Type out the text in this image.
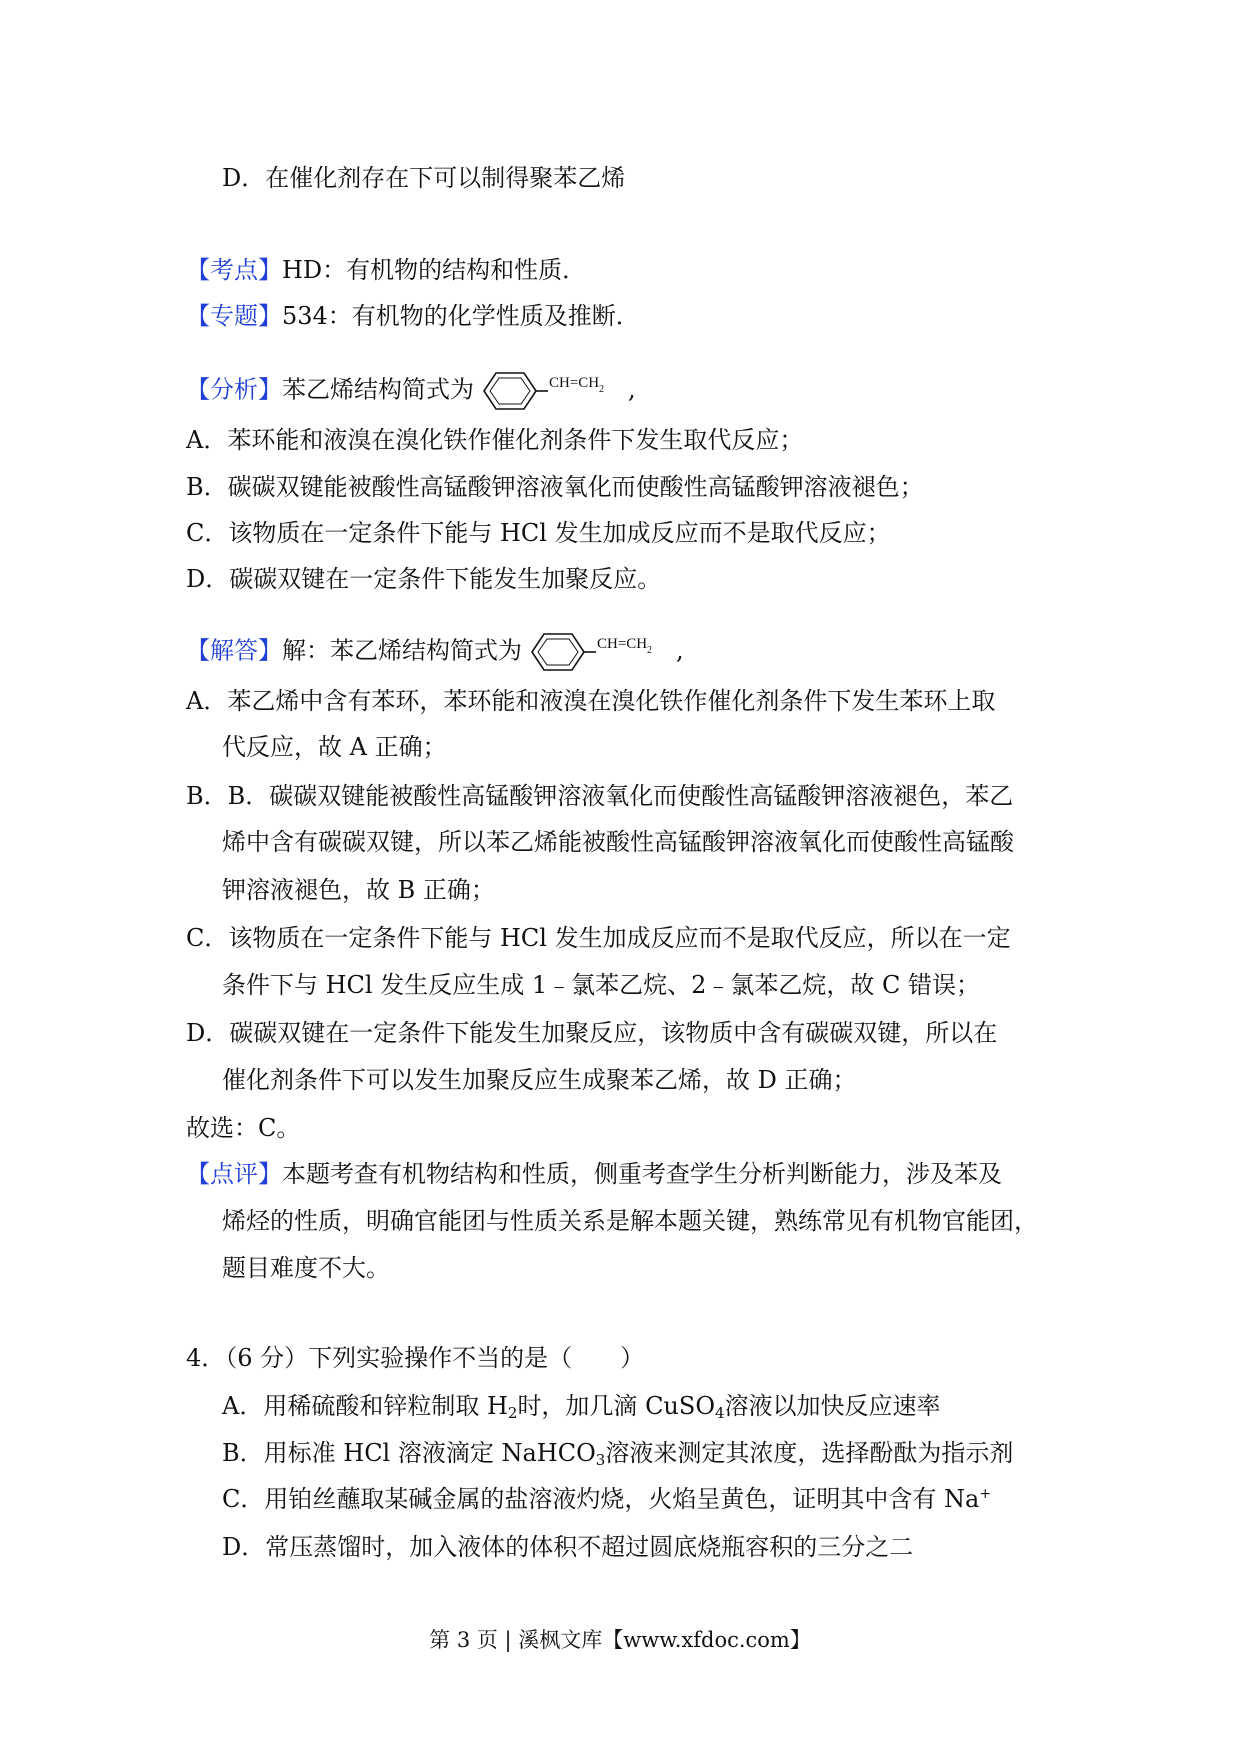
D．在催化剂存在下可以制得聚苯乙烯
【考点】HD：有机物的结构和性质．
【专题】534：有机物的化学性质及推断．
【分析】苯乙烯结构简式为	CH=CH 2 ,
A．苯环能和液溴在溴化铁作催化剂条件下发生取代反应；
B．碳碳双键能被酸性高锰酸钾溶液氧化而使酸性高锰酸钾溶液褪色；
C．该物质在一定条件下能与 HCl 发生加成反应而不是取代反应；
D．碳碳双键在一定条件下能发生加聚反应。
【解答】解：苯乙烯结构简式为	CH=CH 2 ,
A．苯乙烯中含有苯环，苯环能和液溴在溴化铁作催化剂条件下发生苯环上取
代反应，故 A 正确；
B．B．碳碳双键能被酸性高锰酸钾溶液氧化而使酸性高锰酸钾溶液褪色，苯乙
烯中含有碳碳双键，所以苯乙烯能被酸性高锰酸钾溶液氧化而使酸性高锰酸
钾溶液褪色，故 B 正确；
C．该物质在一定条件下能与 HCl 发生加成反应而不是取代反应，所以在一定
条件下与 HCl 发生反应生成 1﹣氯苯乙烷、2﹣氯苯乙烷，故 C 错误；
D．碳碳双键在一定条件下能发生加聚反应，该物质中含有碳碳双键，所以在
催化剂条件下可以发生加聚反应生成聚苯乙烯，故 D 正确；
故选：C。
【点评】本题考查有机物结构和性质，侧重考查学生分析判断能力，涉及苯及
烯烃的性质，明确官能团与性质关系是解本题关键，熟练常见有机物官能团，
题目难度不大。
4．（6 分）下列实验操作不当的是（　　）
A．用稀硫酸和锌粒制取 $H_2$时，加几滴 CuSO$_4$溶液以加快反应速率
B．用标准 HCl 溶液滴定 NaHCO$_3$溶液来测定其浓度，选择酚酞为指示剂
C．用铂丝蘸取某碱金属的盐溶液灼烧，火焰呈黄色，证明其中含有 Na+
D．常压蒸馏时，加入液体的体积不超过圆底烧瓶容积的三分之二
第 3 页 | 溪枫文库【www.xfdoc.com】
